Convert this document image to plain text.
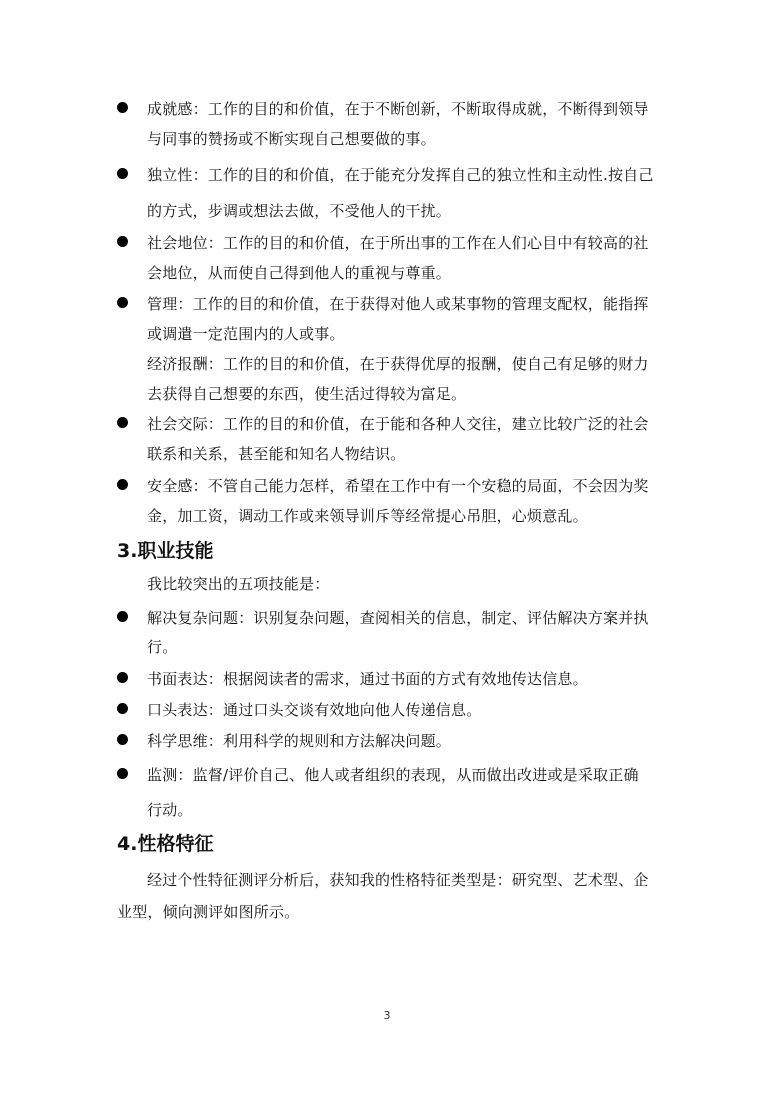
成就感：工作的目的和价值，在于不断创新，不断取得成就，不断得到领导
与同事的赞扬或不断实现自己想要做的事。
独立性：工作的目的和价值，在于能充分发挥自己的独立性和主动性.按自己
的方式，步调或想法去做，不受他人的干扰。
社会地位：工作的目的和价值，在于所出事的工作在人们心目中有较高的社
会地位，从而使自己得到他人的重视与尊重。
管理：工作的目的和价值，在于获得对他人或某事物的管理支配权，能指挥
或调遣一定范围内的人或事。
经济报酬：工作的目的和价值，在于获得优厚的报酬，使自己有足够的财力
去获得自己想要的东西，使生活过得较为富足。
社会交际：工作的目的和价值，在于能和各种人交往，建立比较广泛的社会
联系和关系，甚至能和知名人物结识。
安全感：不管自己能力怎样，希望在工作中有一个安稳的局面，不会因为奖
金，加工资，调动工作或来领导训斥等经常提心吊胆，心烦意乱。
3.职业技能
我比较突出的五项技能是：
解决复杂问题：识别复杂问题，查阅相关的信息，制定、评估解决方案并执
行。
书面表达：根据阅读者的需求，通过书面的方式有效地传达信息。
口头表达：通过口头交谈有效地向他人传递信息。
科学思维：利用科学的规则和方法解决问题。
监测：监督/评价自己、他人或者组织的表现，从而做出改进或是采取正确
行动。
4.性格特征
经过个性特征测评分析后，获知我的性格特征类型是：研究型、艺术型、企
业型，倾向测评如图所示。
3
